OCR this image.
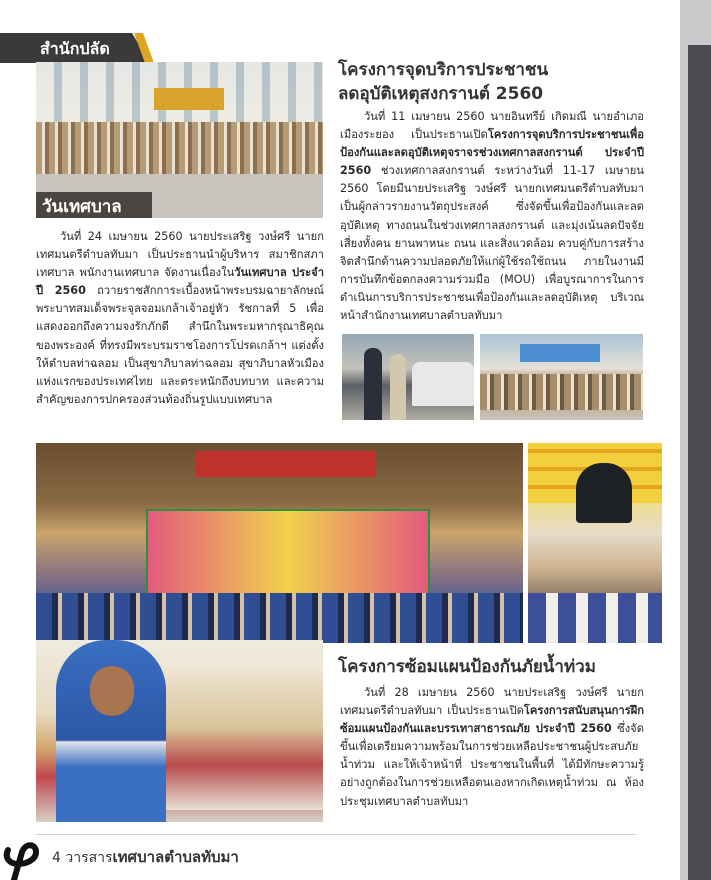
สำนักปลัด
วันเทศบาล
โครงการจุดบริการประชาชน
ลดอุบัติเหตุสงกรานต์ 2560

วันที่ 11 เมษายน 2560 นายอินทรีย์ เกิดมณี นายอำเภอเมืองระยอง เป็นประธานเปิดโครงการจุดบริการประชาชนเพื่อป้องกันและลดอุบัติเหตุจราจรช่วงเทศกาลสงกรานต์ ประจำปี 2560 ช่วงเทศกาลสงกรานต์ ระหว่างวันที่ 11-17 เมษายน 2560 โดยมีนายประเสริฐ วงษ์ศรี นายกเทศมนตรีตำบลทับมา เป็นผู้กล่าวรายงานวัตถุประสงค์ ซึ่งจัดขึ้นเพื่อป้องกันและลดอุบัติเหตุ ทางถนนในช่วงเทศกาลสงกรานต์ และมุ่งเน้นลดปัจจัยเสี่ยงทั้งคน ยานพาหนะ ถนน และสิ่งแวดล้อม ควบคู่กับการสร้างจิตสำนึกด้านความปลอดภัยให้แก่ผู้ใช้รถใช้ถนน ภายในงานมีการบันทึกข้อตกลงความร่วมมือ (MOU) เพื่อบูรณาการในการดำเนินการบริการประชาชนเพื่อป้องกันและลดอุบัติเหตุ บริเวณหน้าสำนักงานเทศบาลตำบลทับมา

วันที่ 24 เมษายน 2560 นายประเสริฐ วงษ์ศรี นายกเทศมนตรีตำบลทับมา เป็นประธานนำผู้บริหาร สมาชิกสภาเทศบาล พนักงานเทศบาล จัดงานเนื่องในวันเทศบาล ประจำปี 2560 ถวายราชสักการะเบื้องหน้าพระบรมฉายาลักษณ์พระบาทสมเด็จพระจุลจอมเกล้าเจ้าอยู่หัว รัชกาลที่ 5 เพื่อแสดงออกถึงความจงรักภักดี สำนึกในพระมหากรุณาธิคุณของพระองค์ ที่ทรงมีพระบรมราชโองการโปรดเกล้าฯ แต่งตั้งให้ตำบลท่าฉลอม เป็นสุขาภิบาลท่าฉลอม สุขาภิบาลหัวเมืองแห่งแรกของประเทศไทย และตระหนักถึงบทบาท และความสำคัญของการปกครองส่วนท้องถิ่นรูปแบบเทศบาล

โครงการซ้อมแผนป้องกันภัยน้ำท่วม

วันที่ 28 เมษายน 2560 นายประเสริฐ วงษ์ศรี นายกเทศมนตรีตำบลทับมา เป็นประธานเปิดโครงการสนับสนุนการฝึกซ้อมแผนป้องกันและบรรเทาสาธารณภัย ประจำปี 2560 ซึ่งจัดขึ้นเพื่อเตรียมความพร้อมในการช่วยเหลือประชาชนผู้ประสบภัยน้ำท่วม และให้เจ้าหน้าที่ ประชาชนในพื้นที่ ได้มีทักษะความรู้อย่างถูกต้องในการช่วยเหลือตนเองหากเกิดเหตุน้ำท่วม ณ ห้องประชุมเทศบาลตำบลทับมา

4 วารสารเทศบาลตำบลทับมา
